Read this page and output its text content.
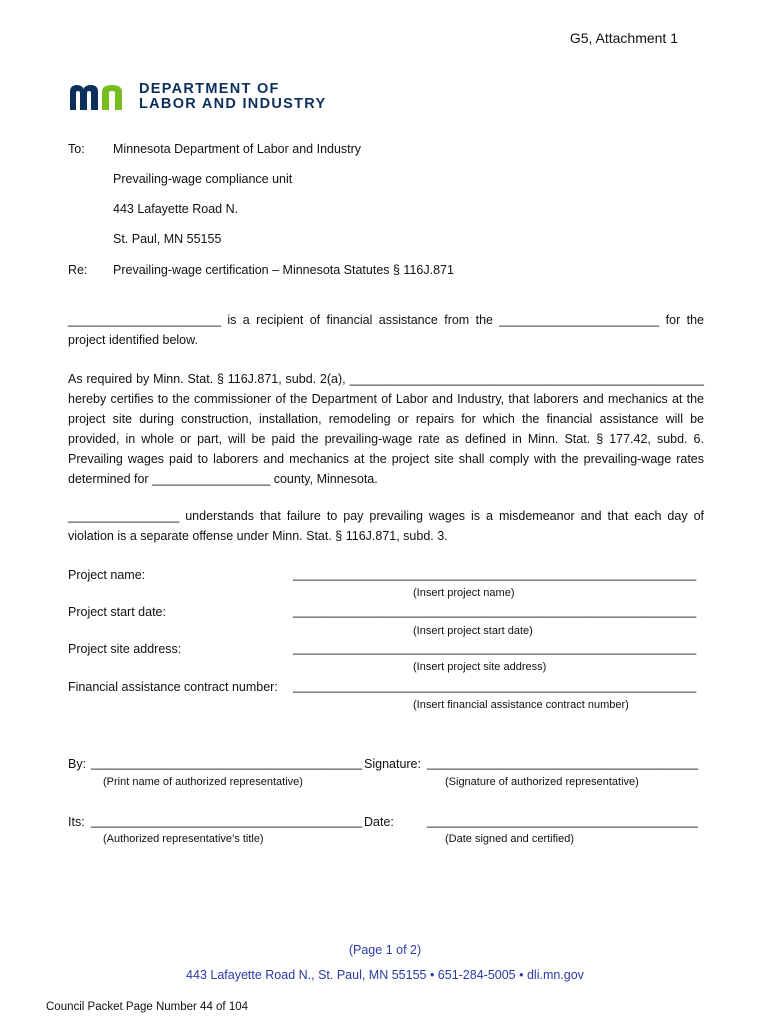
G5, Attachment 1
DEPARTMENT OF
LABOR AND INDUSTRY
To: Minnesota Department of Labor and Industry
Prevailing-wage compliance unit
443 Lafayette Road N.
St. Paul, MN 55155
Re: Prevailing-wage certification – Minnesota Statutes § 116J.871
______________________ is a recipient of financial assistance from the _______________________ for the project identified below.
As required by Minn. Stat. § 116J.871, subd. 2(a), ___________________________________________________ hereby certifies to the commissioner of the Department of Labor and Industry, that laborers and mechanics at the project site during construction, installation, remodeling or repairs for which the financial assistance will be provided, in whole or part, will be paid the prevailing-wage rate as defined in Minn. Stat. § 177.42, subd. 6. Prevailing wages paid to laborers and mechanics at the project site shall comply with the prevailing-wage rates determined for _________________ county, Minnesota.
________________ understands that failure to pay prevailing wages is a misdemeanor and that each day of violation is a separate offense under Minn. Stat. § 116J.871, subd. 3.
Project name:	__________________________________________________________
(Insert project name)
Project start date:	__________________________________________________________
(Insert project start date)
Project site address:	__________________________________________________________
(Insert project site address)
Financial assistance contract number: __________________________________________________________
(Insert financial assistance contract number)
By: _______________________________________
(Print name of authorized representative)
Signature: _______________________________________
(Signature of authorized representative)
Its: _______________________________________
(Authorized representative’s title)
Date:	_______________________________________
(Date signed and certified)
(Page 1 of 2)
443 Lafayette Road N., St. Paul, MN 55155 • 651-284-5005 • dli.mn.gov
Council Packet Page Number 44 of 104
